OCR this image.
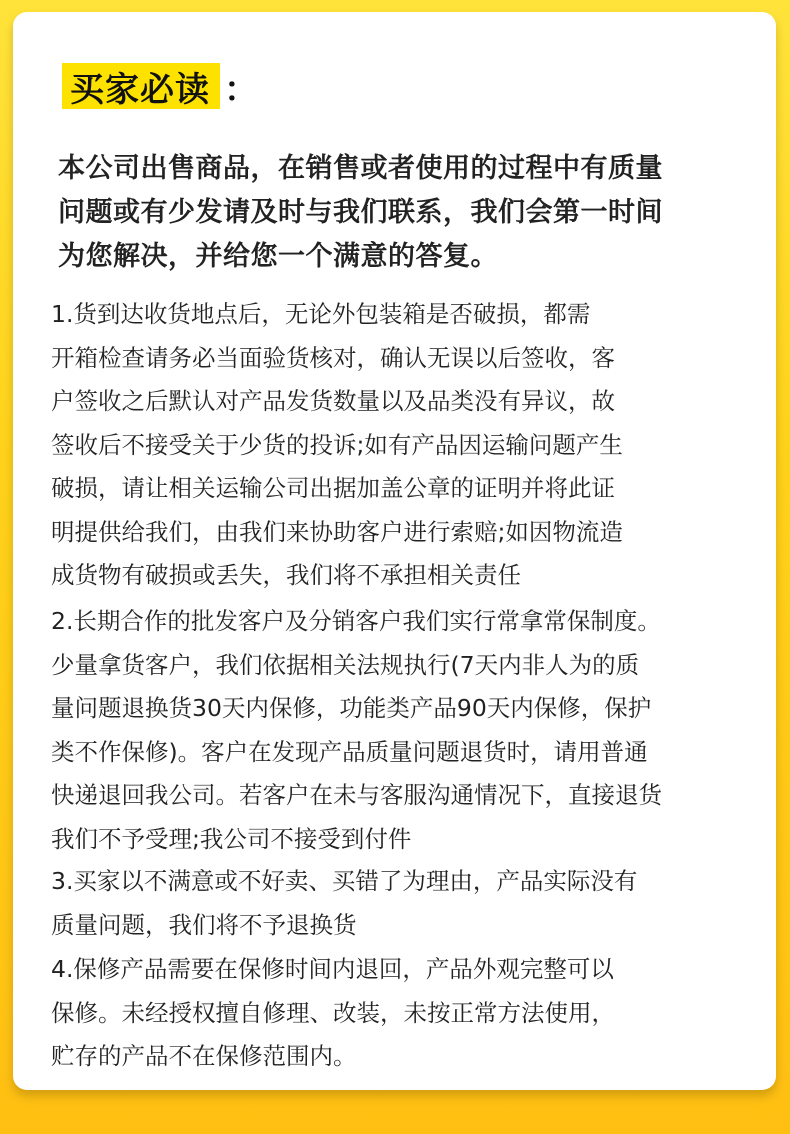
买家必读 ：
本公司出售商品，在销售或者使用的过程中有质量
问题或有少发请及时与我们联系，我们会第一时间
为您解决，并给您一个满意的答复。
1.货到达收货地点后，无论外包装箱是否破损，都需
开箱检查请务必当面验货核对，确认无误以后签收，客
户签收之后默认对产品发货数量以及品类没有异议，故
签收后不接受关于少货的投诉;如有产品因运输问题产生
破损，请让相关运输公司出据加盖公章的证明并将此证
明提供给我们，由我们来协助客户进行索赔;如因物流造
成货物有破损或丢失，我们将不承担相关责任
2.长期合作的批发客户及分销客户我们实行常拿常保制度。
少量拿货客户，我们依据相关法规执行(7天内非人为的质
量问题退换货30天内保修，功能类产品90天内保修，保护
类不作保修)。客户在发现产品质量问题退货时，请用普通
快递退回我公司。若客户在未与客服沟通情况下，直接退货
我们不予受理;我公司不接受到付件
3.买家以不满意或不好卖、买错了为理由，产品实际没有
质量问题，我们将不予退换货
4.保修产品需要在保修时间内退回，产品外观完整可以
保修。未经授权擅自修理、改装，未按正常方法使用，
贮存的产品不在保修范围内。
